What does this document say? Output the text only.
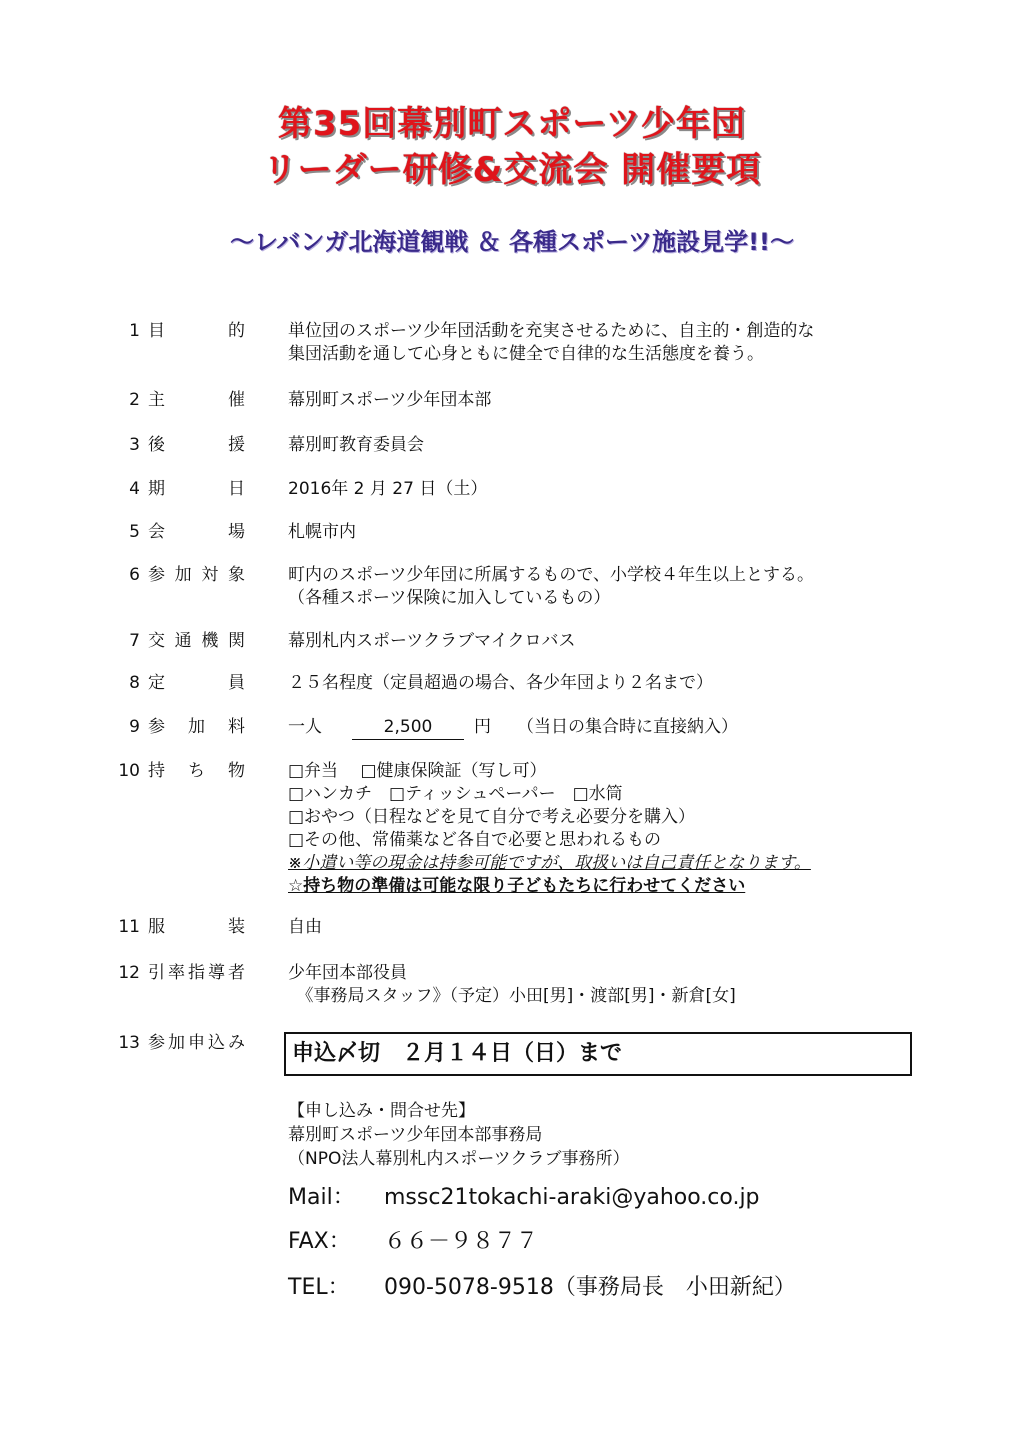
第35回幕別町スポーツ少年団
リーダー研修&交流会 開催要項
～レバンガ北海道観戦 ＆ 各種スポーツ施設見学!!～
1 目	的	単位団のスポーツ少年団活動を充実させるために、自主的・創造的な
集団活動を通して心身ともに健全で自律的な生活態度を養う。
2 主	催	幕別町スポーツ少年団本部
3 後	援	幕別町教育委員会
4 期	日	2016年 2 月 27 日（土）
5 会	場	札幌市内
6 参 加 対 象	町内のスポーツ少年団に所属するもので、小学校４年生以上とする。
（各種スポーツ保険に加入しているもの）
7 交 通 機 関	幕別札内スポーツクラブマイクロバス
8 定	員	２５名程度（定員超過の場合、各少年団より２名まで）
9 参 加 料	一人	2,500 円 （当日の集合時に直接納入）
10 持 ち 物	□弁当　 □健康保険証（写し可）
□ハンカチ　□ティッシュペーパー　□水筒
□おやつ（日程などを見て自分で考え必要分を購入）
□その他、常備薬など各自で必要と思われるもの
※小遣い等の現金は持参可能ですが、取扱いは自己責任となります。
☆持ち物の準備は可能な限り子どもたちに行わせてください
11 服	装	自由
12 引 率 指 導 者	少年団本部役員
　《事務局スタッフ》（予定）小田[男]・渡部[男]・新倉[女]
13 参 加 申 込 み	申込〆切　２月１４日（日）まで
【申し込み・問合せ先】
幕別町スポーツ少年団本部事務局
（NPO法人幕別札内スポーツクラブ事務所）
Mail： mssc21tokachi-araki@yahoo.co.jp
FAX： ６６－９８７７
TEL： 090-5078-9518（事務局長　小田新紀）
